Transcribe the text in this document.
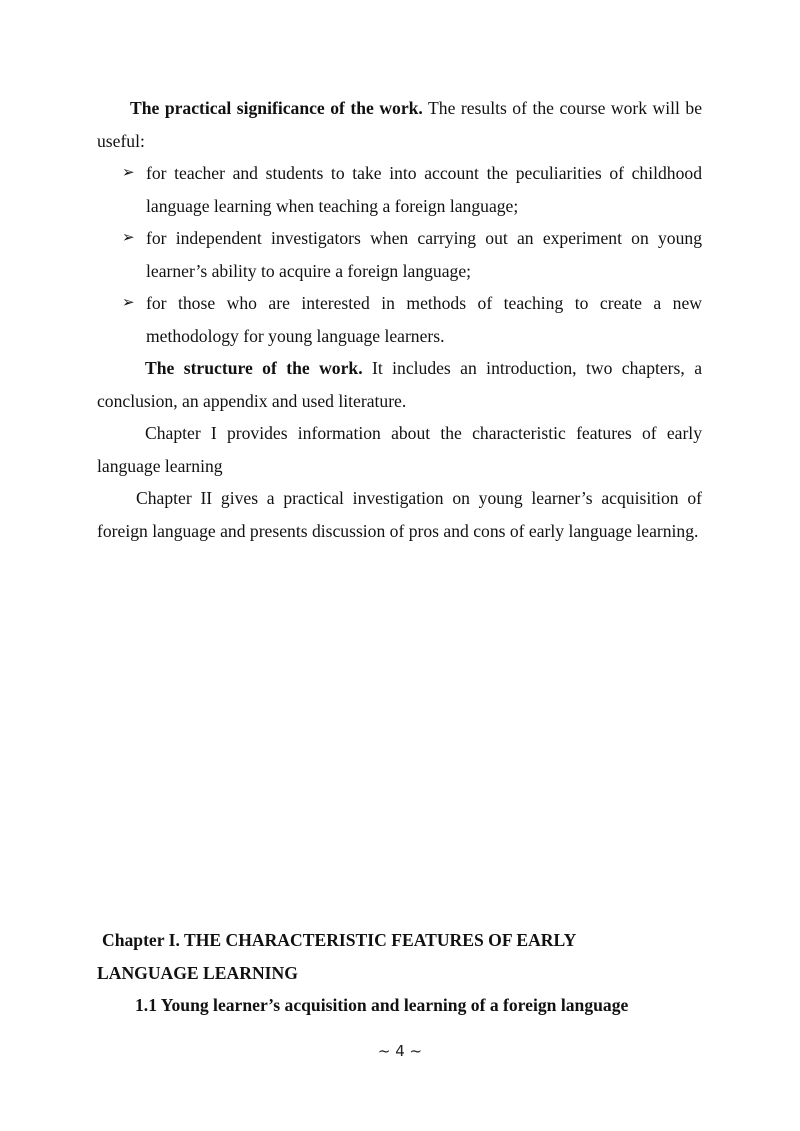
The practical significance of the work. The results of the course work will be useful:

➢ for teacher and students to take into account the peculiarities of childhood language learning when teaching a foreign language;
➢ for independent investigators when carrying out an experiment on young learner’s ability to acquire a foreign language;
➢ for those who are interested in methods of teaching to create a new methodology for young language learners.

The structure of the work. It includes an introduction, two chapters, a conclusion, an appendix and used literature.

Chapter I provides information about the characteristic features of early language learning

Chapter II gives a practical investigation on young learner’s acquisition of foreign language and presents discussion of pros and cons of early language learning.

Chapter I. THE CHARACTERISTIC FEATURES OF EARLY LANGUAGE LEARNING

1.1 Young learner’s acquisition and learning of a foreign language

~ 4 ~
